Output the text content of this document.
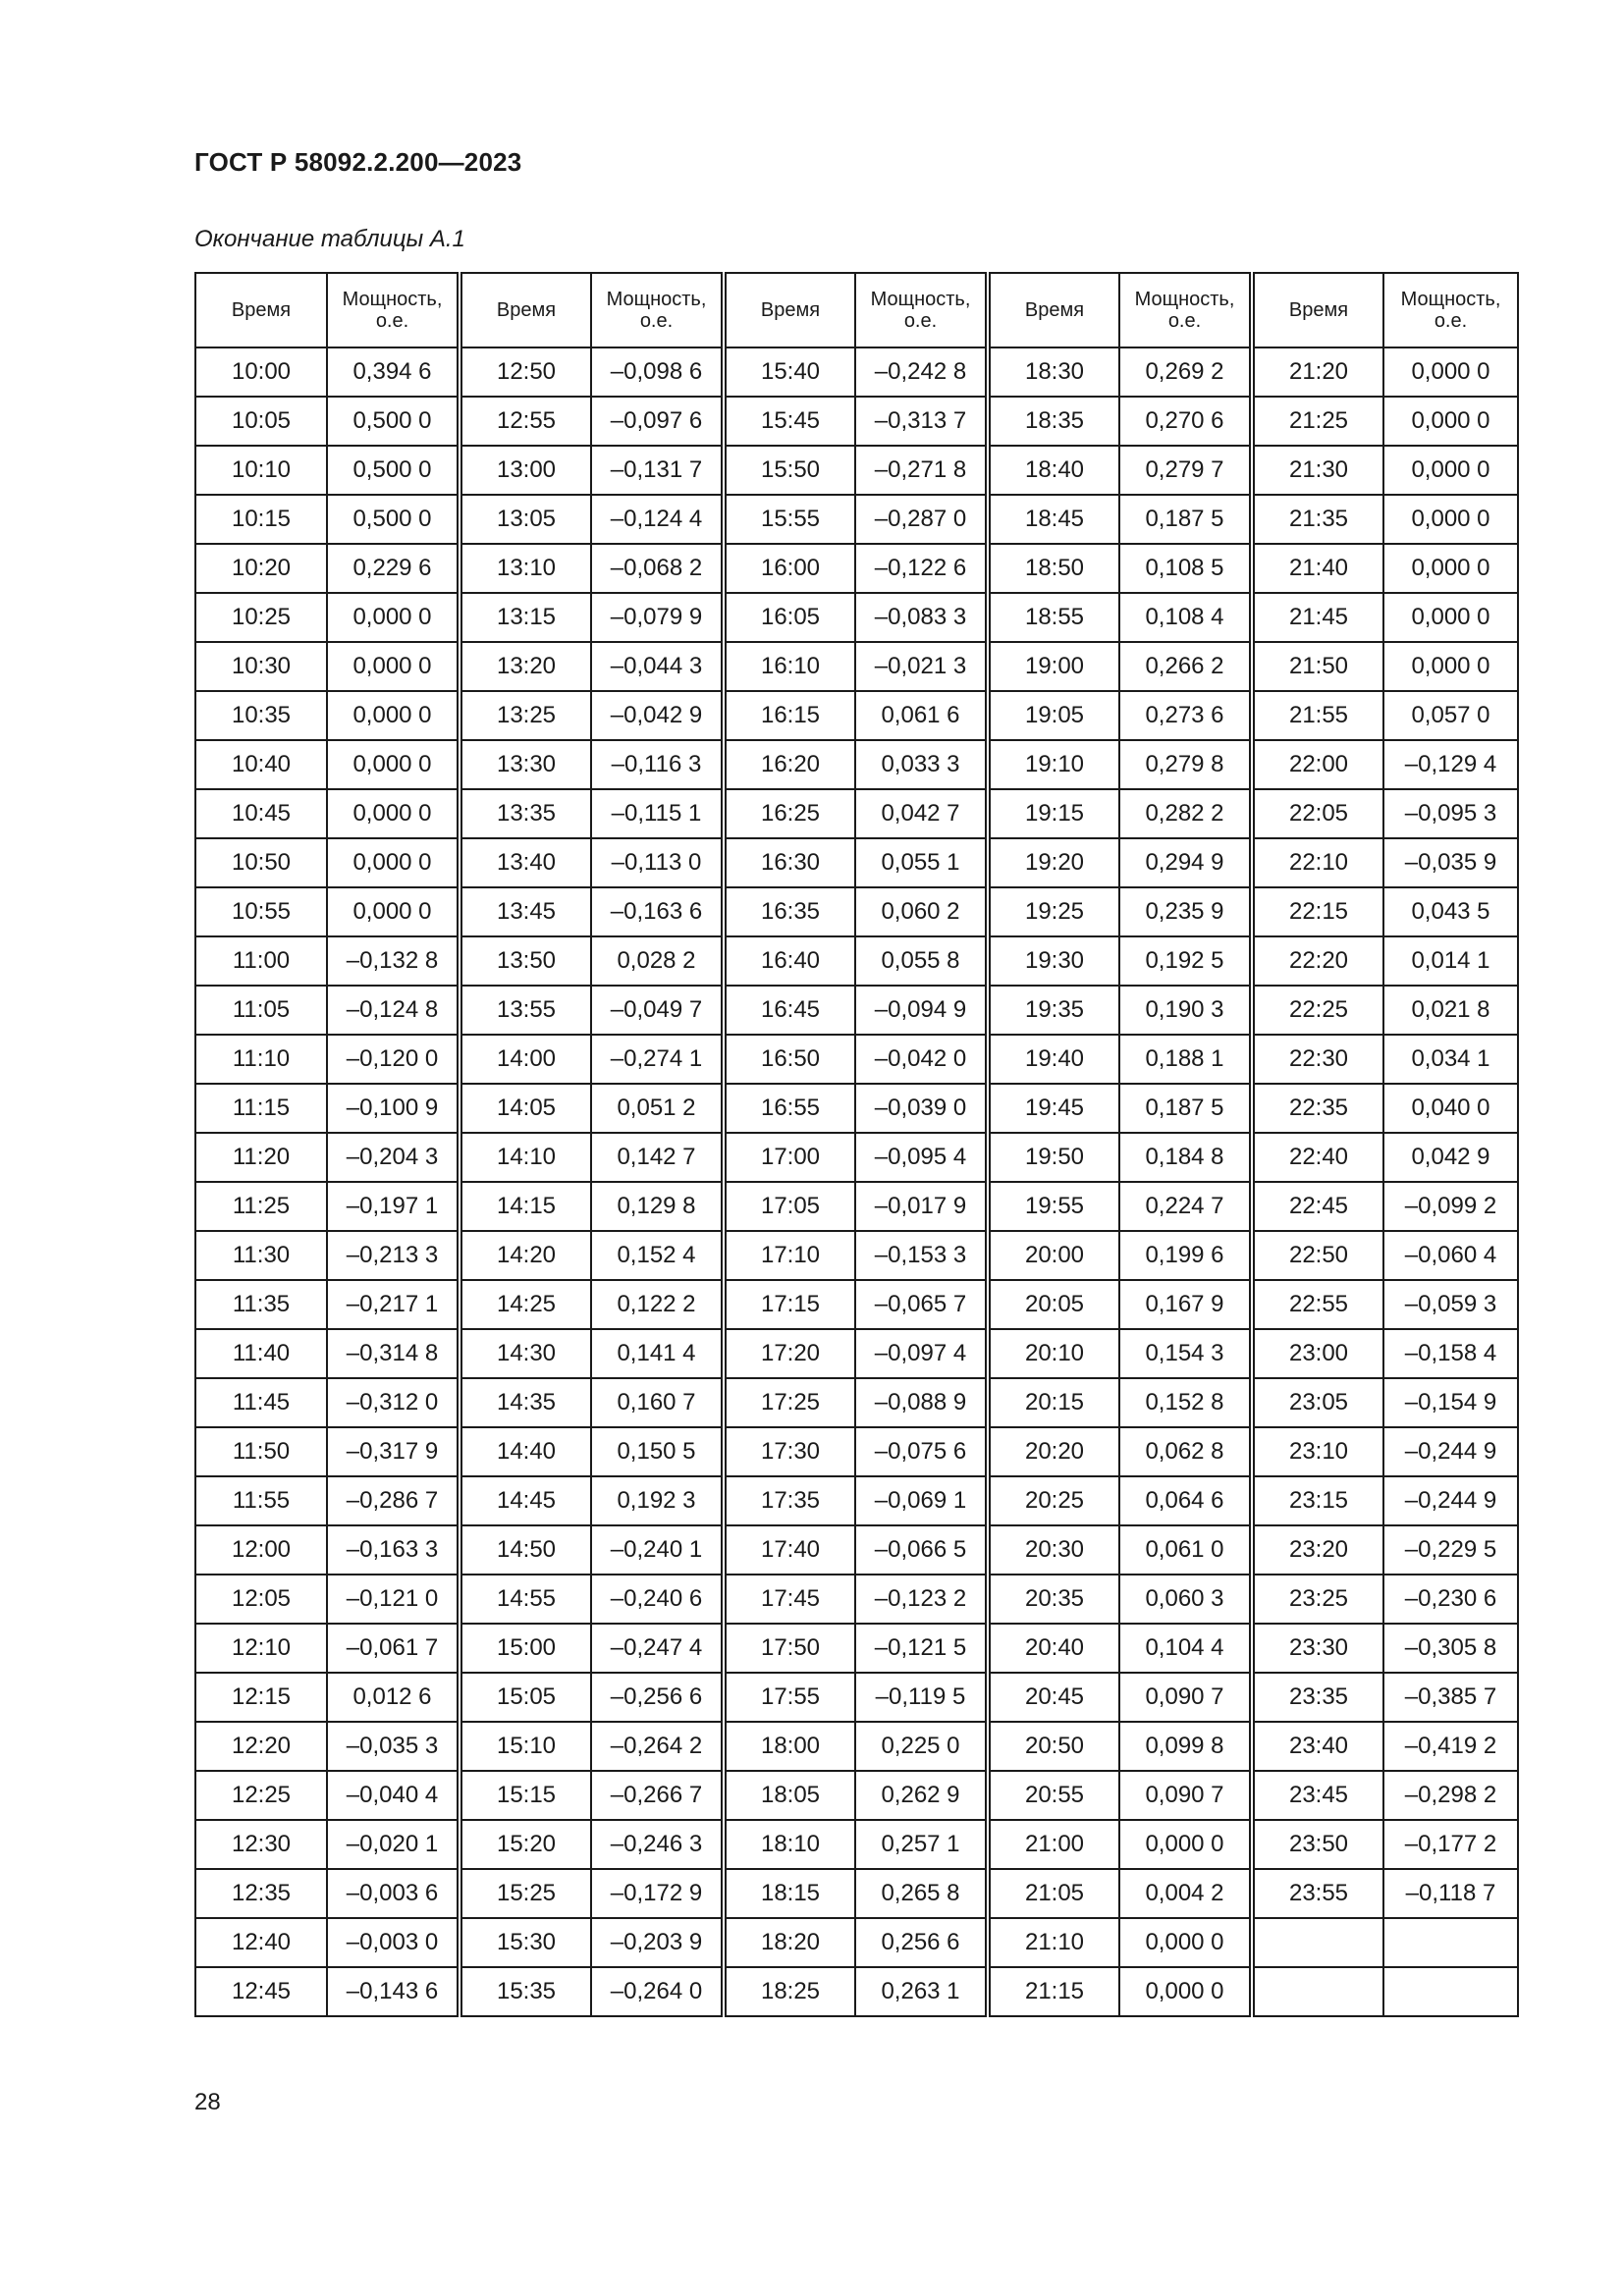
ГОСТ Р 58092.2.200—2023
Окончание таблицы А.1
Время	Мощность, о.е.	Время	Мощность, о.е.	Время	Мощность, о.е.	Время	Мощность, о.е.	Время	Мощность, о.е.
10:00	0,394 6	12:50	–0,098 6	15:40	–0,242 8	18:30	0,269 2	21:20	0,000 0
10:05	0,500 0	12:55	–0,097 6	15:45	–0,313 7	18:35	0,270 6	21:25	0,000 0
10:10	0,500 0	13:00	–0,131 7	15:50	–0,271 8	18:40	0,279 7	21:30	0,000 0
10:15	0,500 0	13:05	–0,124 4	15:55	–0,287 0	18:45	0,187 5	21:35	0,000 0
10:20	0,229 6	13:10	–0,068 2	16:00	–0,122 6	18:50	0,108 5	21:40	0,000 0
10:25	0,000 0	13:15	–0,079 9	16:05	–0,083 3	18:55	0,108 4	21:45	0,000 0
10:30	0,000 0	13:20	–0,044 3	16:10	–0,021 3	19:00	0,266 2	21:50	0,000 0
10:35	0,000 0	13:25	–0,042 9	16:15	0,061 6	19:05	0,273 6	21:55	0,057 0
10:40	0,000 0	13:30	–0,116 3	16:20	0,033 3	19:10	0,279 8	22:00	–0,129 4
10:45	0,000 0	13:35	–0,115 1	16:25	0,042 7	19:15	0,282 2	22:05	–0,095 3
10:50	0,000 0	13:40	–0,113 0	16:30	0,055 1	19:20	0,294 9	22:10	–0,035 9
10:55	0,000 0	13:45	–0,163 6	16:35	0,060 2	19:25	0,235 9	22:15	0,043 5
11:00	–0,132 8	13:50	0,028 2	16:40	0,055 8	19:30	0,192 5	22:20	0,014 1
11:05	–0,124 8	13:55	–0,049 7	16:45	–0,094 9	19:35	0,190 3	22:25	0,021 8
11:10	–0,120 0	14:00	–0,274 1	16:50	–0,042 0	19:40	0,188 1	22:30	0,034 1
11:15	–0,100 9	14:05	0,051 2	16:55	–0,039 0	19:45	0,187 5	22:35	0,040 0
11:20	–0,204 3	14:10	0,142 7	17:00	–0,095 4	19:50	0,184 8	22:40	0,042 9
11:25	–0,197 1	14:15	0,129 8	17:05	–0,017 9	19:55	0,224 7	22:45	–0,099 2
11:30	–0,213 3	14:20	0,152 4	17:10	–0,153 3	20:00	0,199 6	22:50	–0,060 4
11:35	–0,217 1	14:25	0,122 2	17:15	–0,065 7	20:05	0,167 9	22:55	–0,059 3
11:40	–0,314 8	14:30	0,141 4	17:20	–0,097 4	20:10	0,154 3	23:00	–0,158 4
11:45	–0,312 0	14:35	0,160 7	17:25	–0,088 9	20:15	0,152 8	23:05	–0,154 9
11:50	–0,317 9	14:40	0,150 5	17:30	–0,075 6	20:20	0,062 8	23:10	–0,244 9
11:55	–0,286 7	14:45	0,192 3	17:35	–0,069 1	20:25	0,064 6	23:15	–0,244 9
12:00	–0,163 3	14:50	–0,240 1	17:40	–0,066 5	20:30	0,061 0	23:20	–0,229 5
12:05	–0,121 0	14:55	–0,240 6	17:45	–0,123 2	20:35	0,060 3	23:25	–0,230 6
12:10	–0,061 7	15:00	–0,247 4	17:50	–0,121 5	20:40	0,104 4	23:30	–0,305 8
12:15	0,012 6	15:05	–0,256 6	17:55	–0,119 5	20:45	0,090 7	23:35	–0,385 7
12:20	–0,035 3	15:10	–0,264 2	18:00	0,225 0	20:50	0,099 8	23:40	–0,419 2
12:25	–0,040 4	15:15	–0,266 7	18:05	0,262 9	20:55	0,090 7	23:45	–0,298 2
12:30	–0,020 1	15:20	–0,246 3	18:10	0,257 1	21:00	0,000 0	23:50	–0,177 2
12:35	–0,003 6	15:25	–0,172 9	18:15	0,265 8	21:05	0,004 2	23:55	–0,118 7
12:40	–0,003 0	15:30	–0,203 9	18:20	0,256 6	21:10	0,000 0		
12:45	–0,143 6	15:35	–0,264 0	18:25	0,263 1	21:15	0,000 0		
28
